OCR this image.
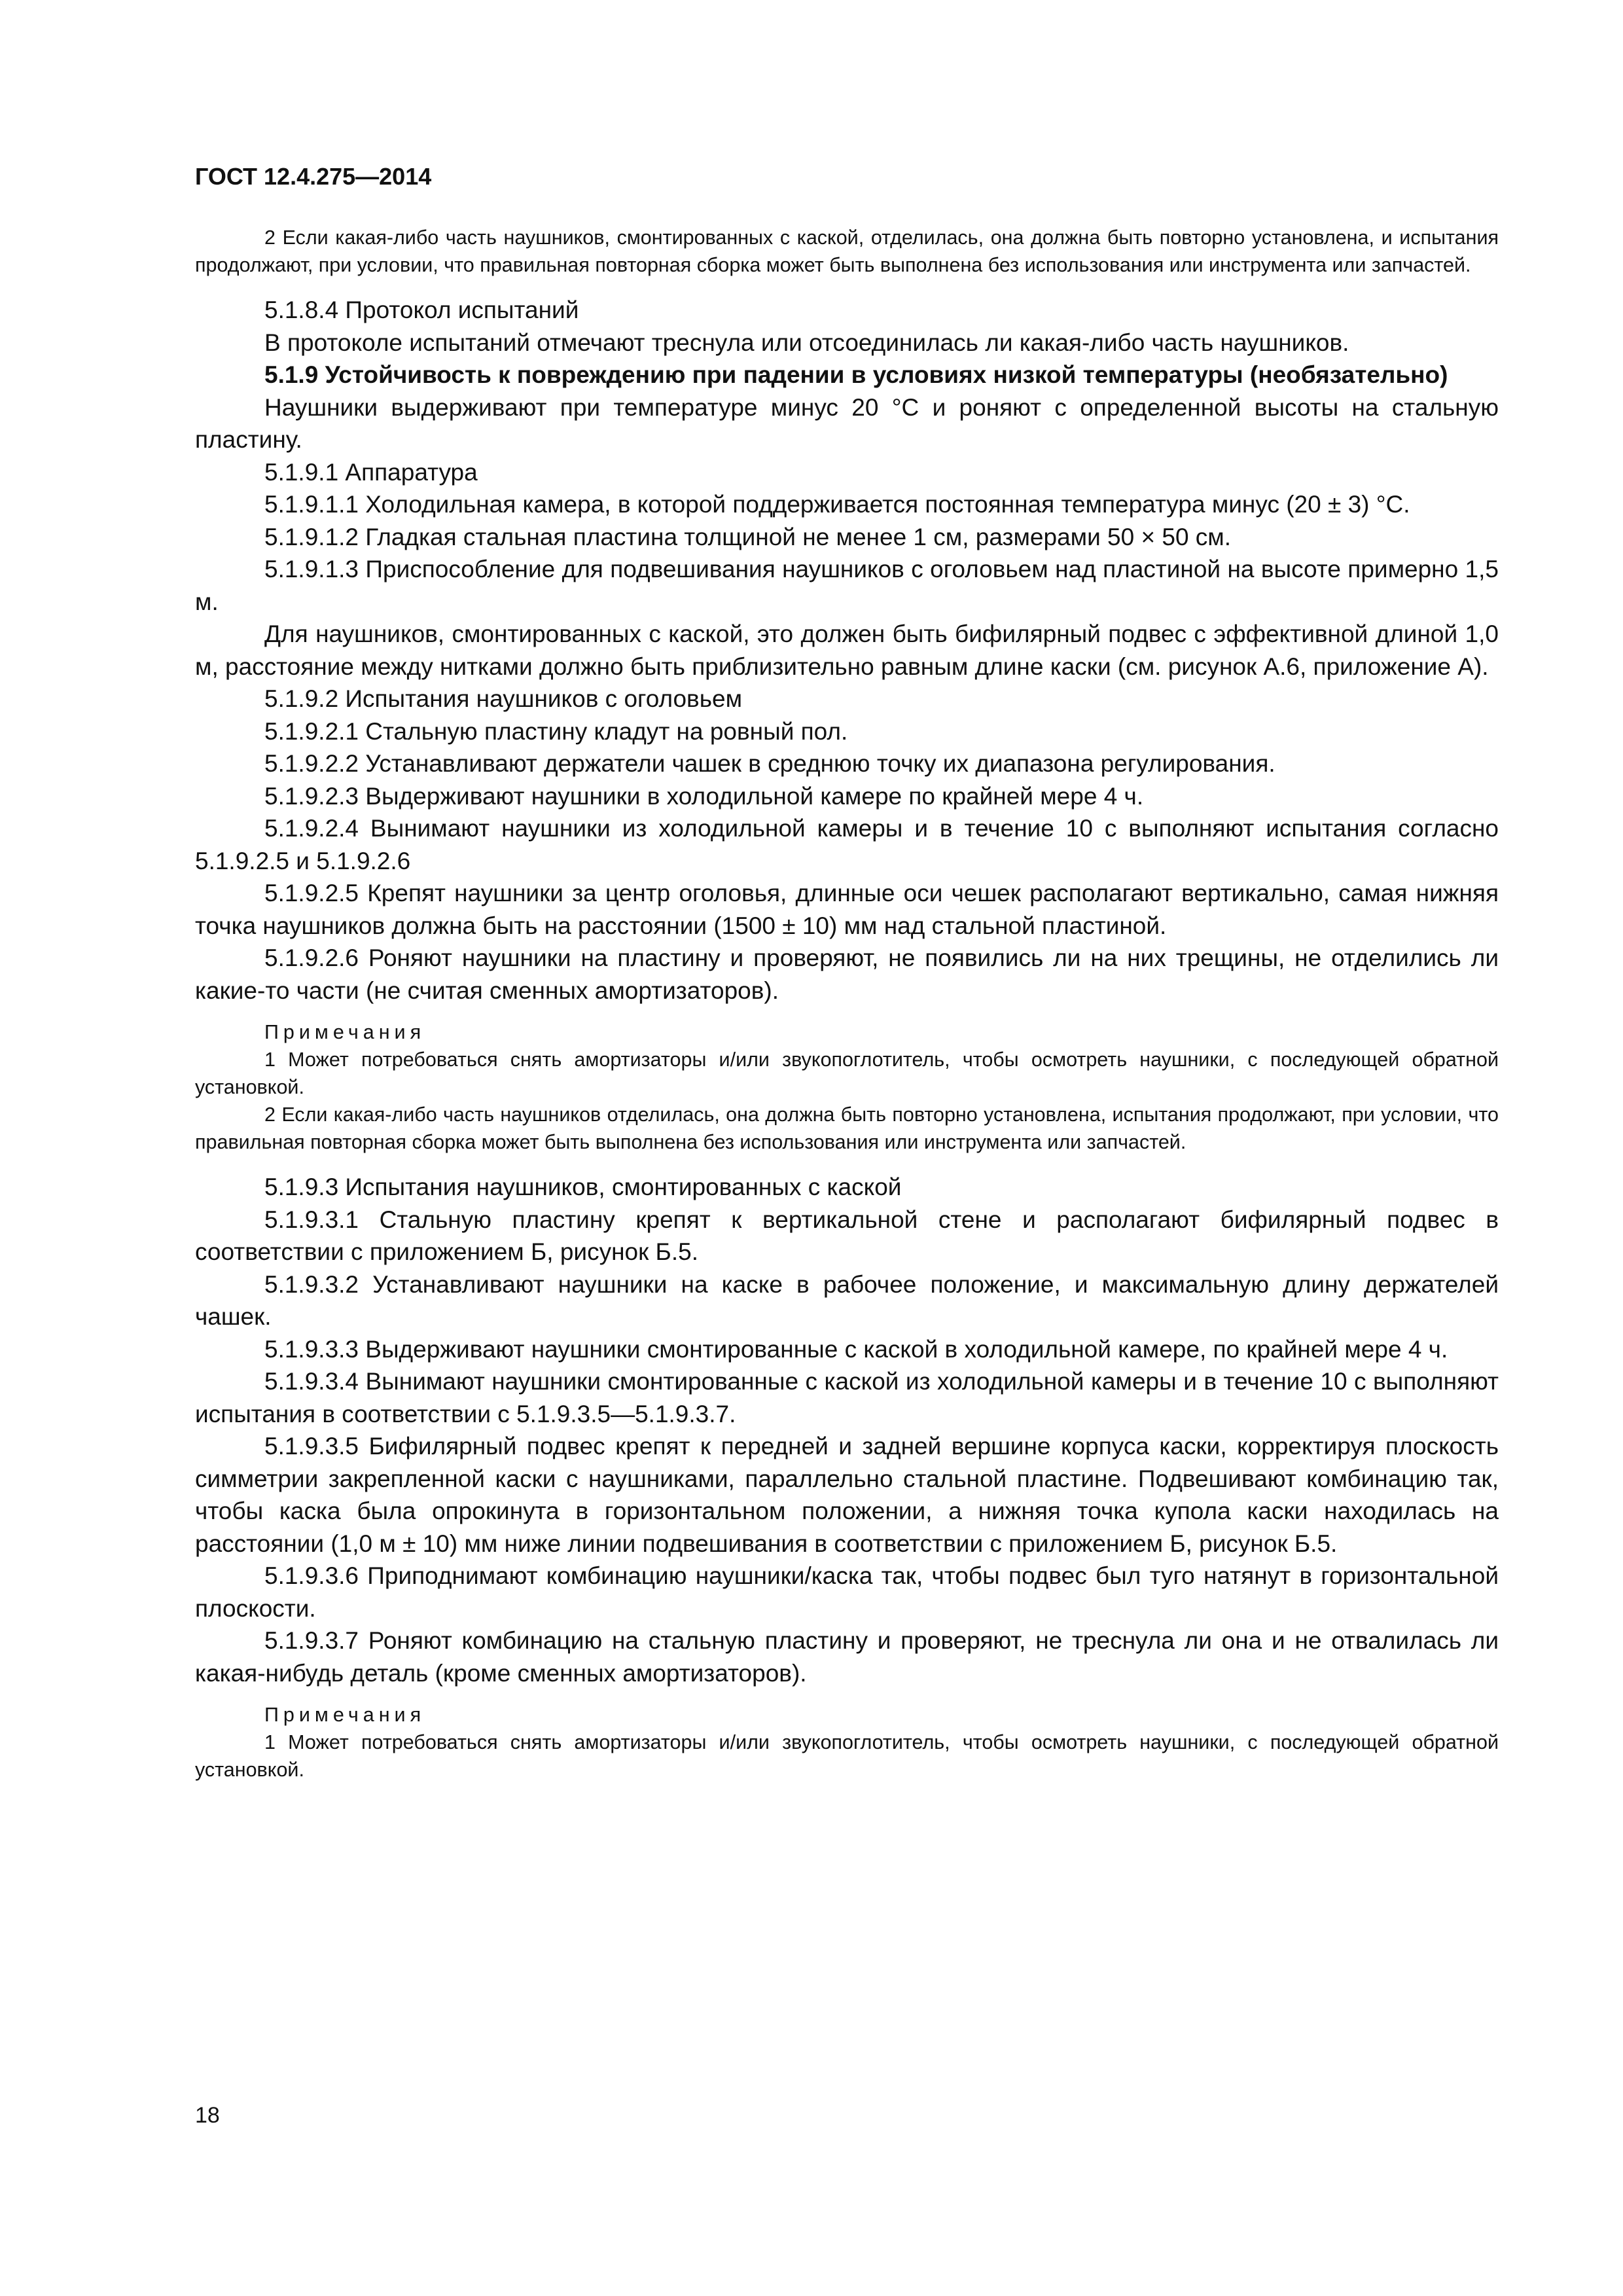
ГОСТ 12.4.275—2014

2 Если какая-либо часть наушников, смонтированных с каской, отделилась, она должна быть повторно установлена, и испытания продолжают, при условии, что правильная повторная сборка может быть выполнена без использования или инструмента или запчастей.

5.1.8.4 Протокол испытаний

В протоколе испытаний отмечают треснула или отсоединилась ли какая-либо часть наушников.

5.1.9 Устойчивость к повреждению при падении в условиях низкой температуры (необязательно)

Наушники выдерживают при температуре минус 20 °С и роняют с определенной высоты на стальную пластину.

5.1.9.1 Аппаратура

5.1.9.1.1 Холодильная камера, в которой поддерживается постоянная температура минус (20 ± 3) °С.

5.1.9.1.2 Гладкая стальная пластина толщиной не менее 1 см, размерами 50 × 50 см.

5.1.9.1.3 Приспособление для подвешивания наушников с оголовьем над пластиной на высоте примерно 1,5 м.

Для наушников, смонтированных с каской, это должен быть бифилярный подвес с эффективной длиной 1,0 м, расстояние между нитками должно быть приблизительно равным длине каски (см. рисунок А.6, приложение А).

5.1.9.2 Испытания наушников с оголовьем

5.1.9.2.1 Стальную пластину кладут на ровный пол.

5.1.9.2.2 Устанавливают держатели чашек в среднюю точку их диапазона регулирования.

5.1.9.2.3 Выдерживают наушники в холодильной камере по крайней мере 4 ч.

5.1.9.2.4 Вынимают наушники из холодильной камеры и в течение 10 с выполняют испытания согласно 5.1.9.2.5 и 5.1.9.2.6

5.1.9.2.5 Крепят наушники за центр оголовья, длинные оси чешек располагают вертикально, самая нижняя точка наушников должна быть на расстоянии (1500 ± 10) мм над стальной пластиной.

5.1.9.2.6 Роняют наушники на пластину и проверяют, не появились ли на них трещины, не отделились ли какие-то части (не считая сменных амортизаторов).

Примечания

1 Может потребоваться снять амортизаторы и/или звукопоглотитель, чтобы осмотреть наушники, с последующей обратной установкой.

2 Если какая-либо часть наушников отделилась, она должна быть повторно установлена, испытания продолжают, при условии, что правильная повторная сборка может быть выполнена без использования или инструмента или запчастей.

5.1.9.3 Испытания наушников, смонтированных с каской

5.1.9.3.1 Стальную пластину крепят к вертикальной стене и располагают бифилярный подвес в соответствии с приложением Б, рисунок Б.5.

5.1.9.3.2 Устанавливают наушники на каске в рабочее положение, и максимальную длину держателей чашек.

5.1.9.3.3 Выдерживают наушники смонтированные с каской в холодильной камере, по крайней мере 4 ч.

5.1.9.3.4 Вынимают наушники смонтированные с каской из холодильной камеры и в течение 10 с выполняют испытания в соответствии с 5.1.9.3.5—5.1.9.3.7.

5.1.9.3.5 Бифилярный подвес крепят к передней и задней вершине корпуса каски, корректируя плоскость симметрии закрепленной каски с наушниками, параллельно стальной пластине. Подвешивают комбинацию так, чтобы каска была опрокинута в горизонтальном положении, а нижняя точка купола каски находилась на расстоянии (1,0 м ± 10) мм ниже линии подвешивания в соответствии с приложением Б, рисунок Б.5.

5.1.9.3.6 Приподнимают комбинацию наушники/каска так, чтобы подвес был туго натянут в горизонтальной плоскости.

5.1.9.3.7 Роняют комбинацию на стальную пластину и проверяют, не треснула ли она и не отвалилась ли какая-нибудь деталь (кроме сменных амортизаторов).

Примечания

1 Может потребоваться снять амортизаторы и/или звукопоглотитель, чтобы осмотреть наушники, с последующей обратной установкой.

18
